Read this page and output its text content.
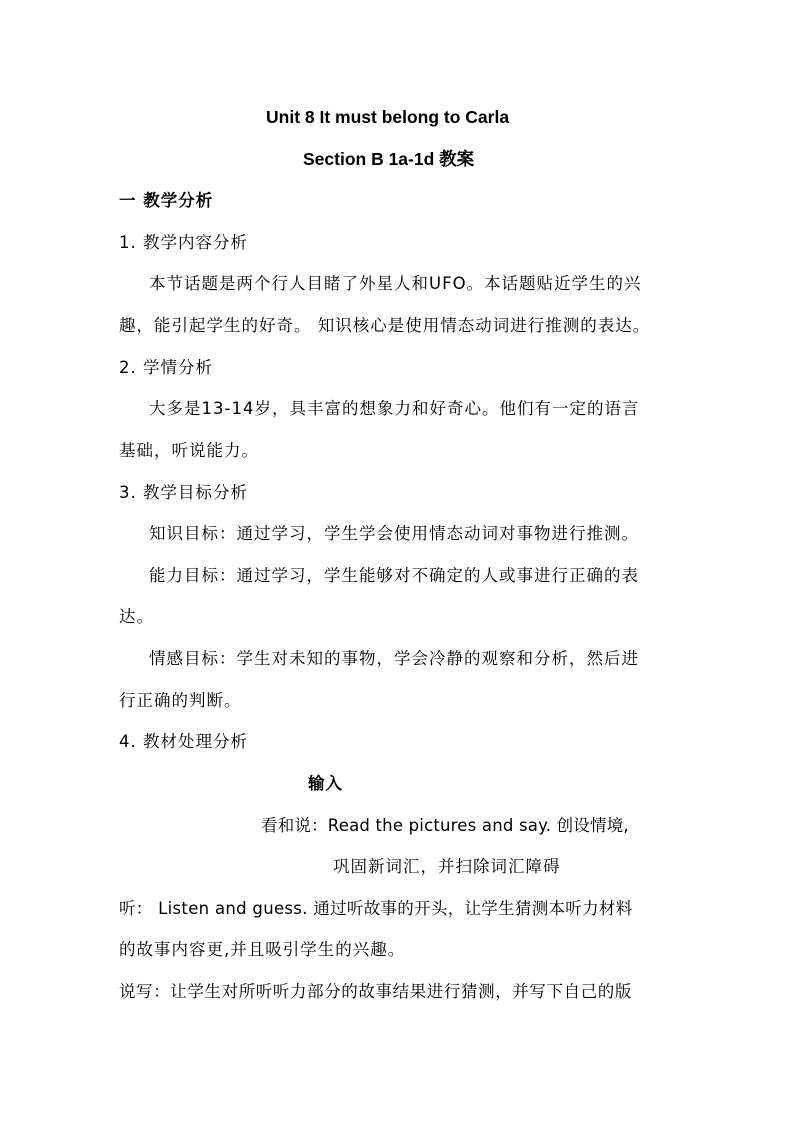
Unit 8 It must belong to Carla
Section B 1a-1d 教案
一 教学分析
1. 教学内容分析
本节话题是两个行人目睹了外星人和UFO。本话题贴近学生的兴
趣，能引起学生的好奇。 知识核心是使用情态动词进行推测的表达。
2. 学情分析
大多是13-14岁，具丰富的想象力和好奇心。他们有一定的语言
基础，听说能力。
3. 教学目标分析
知识目标：通过学习，学生学会使用情态动词对事物进行推测。
能力目标：通过学习，学生能够对不确定的人或事进行正确的表
达。
情感目标：学生对未知的事物，学会冷静的观察和分析，然后进
行正确的判断。
4. 教材处理分析
输入
看和说：Read the pictures and say. 创设情境,
巩固新词汇，并扫除词汇障碍
听： Listen and guess. 通过听故事的开头，让学生猜测本听力材料
的故事内容更,并且吸引学生的兴趣。
说写：让学生对所听听力部分的故事结果进行猜测，并写下自己的版
